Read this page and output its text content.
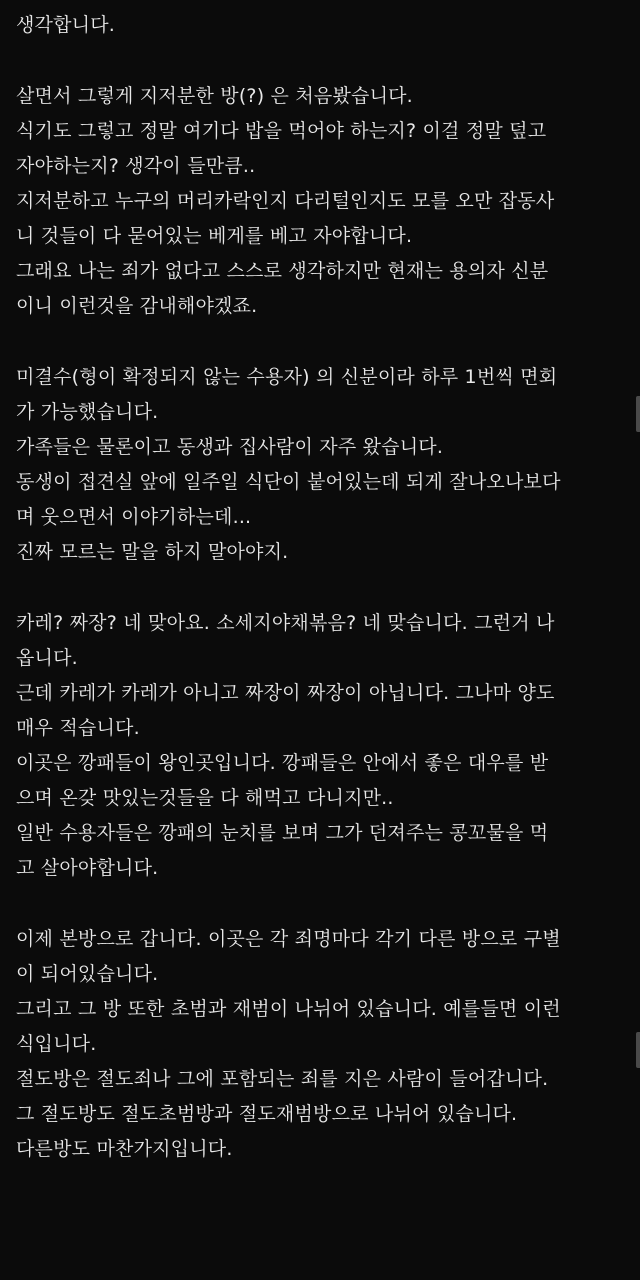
생각합니다.
살면서 그렇게 지저분한 방(?) 은 처음봤습니다.
식기도 그렇고 정말 여기다 밥을 먹어야 하는지? 이걸 정말 덮고
자야하는지? 생각이 들만큼..
지저분하고 누구의 머리카락인지 다리털인지도 모를 오만 잡동사
니 것들이 다 묻어있는 베게를 베고 자야합니다.
그래요 나는 죄가 없다고 스스로 생각하지만 현재는 용의자 신분
이니 이런것을 감내해야겠죠.
미결수(형이 확정되지 않는 수용자) 의 신분이라 하루 1번씩 면회
가 가능했습니다.
가족들은 물론이고 동생과 집사람이 자주 왔습니다.
동생이 접견실 앞에 일주일 식단이 붙어있는데 되게 잘나오나보다
며 웃으면서 이야기하는데...
진짜 모르는 말을 하지 말아야지.
카레? 짜장? 네 맞아요. 소세지야채볶음? 네 맞습니다. 그런거 나
옵니다.
근데 카레가 카레가 아니고 짜장이 짜장이 아닙니다. 그나마 양도
매우 적습니다.
이곳은 깡패들이 왕인곳입니다. 깡패들은 안에서 좋은 대우를 받
으며 온갖 맛있는것들을 다 해먹고 다니지만..
일반 수용자들은 깡패의 눈치를 보며 그가 던져주는 콩꼬물을 먹
고 살아야합니다.
이제 본방으로 갑니다. 이곳은 각 죄명마다 각기 다른 방으로 구별
이 되어있습니다.
그리고 그 방 또한 초범과 재범이 나뉘어 있습니다. 예를들면 이런
식입니다.
절도방은 절도죄나 그에 포함되는 죄를 지은 사람이 들어갑니다.
그 절도방도 절도초범방과 절도재범방으로 나뉘어 있습니다.
다른방도 마찬가지입니다.
